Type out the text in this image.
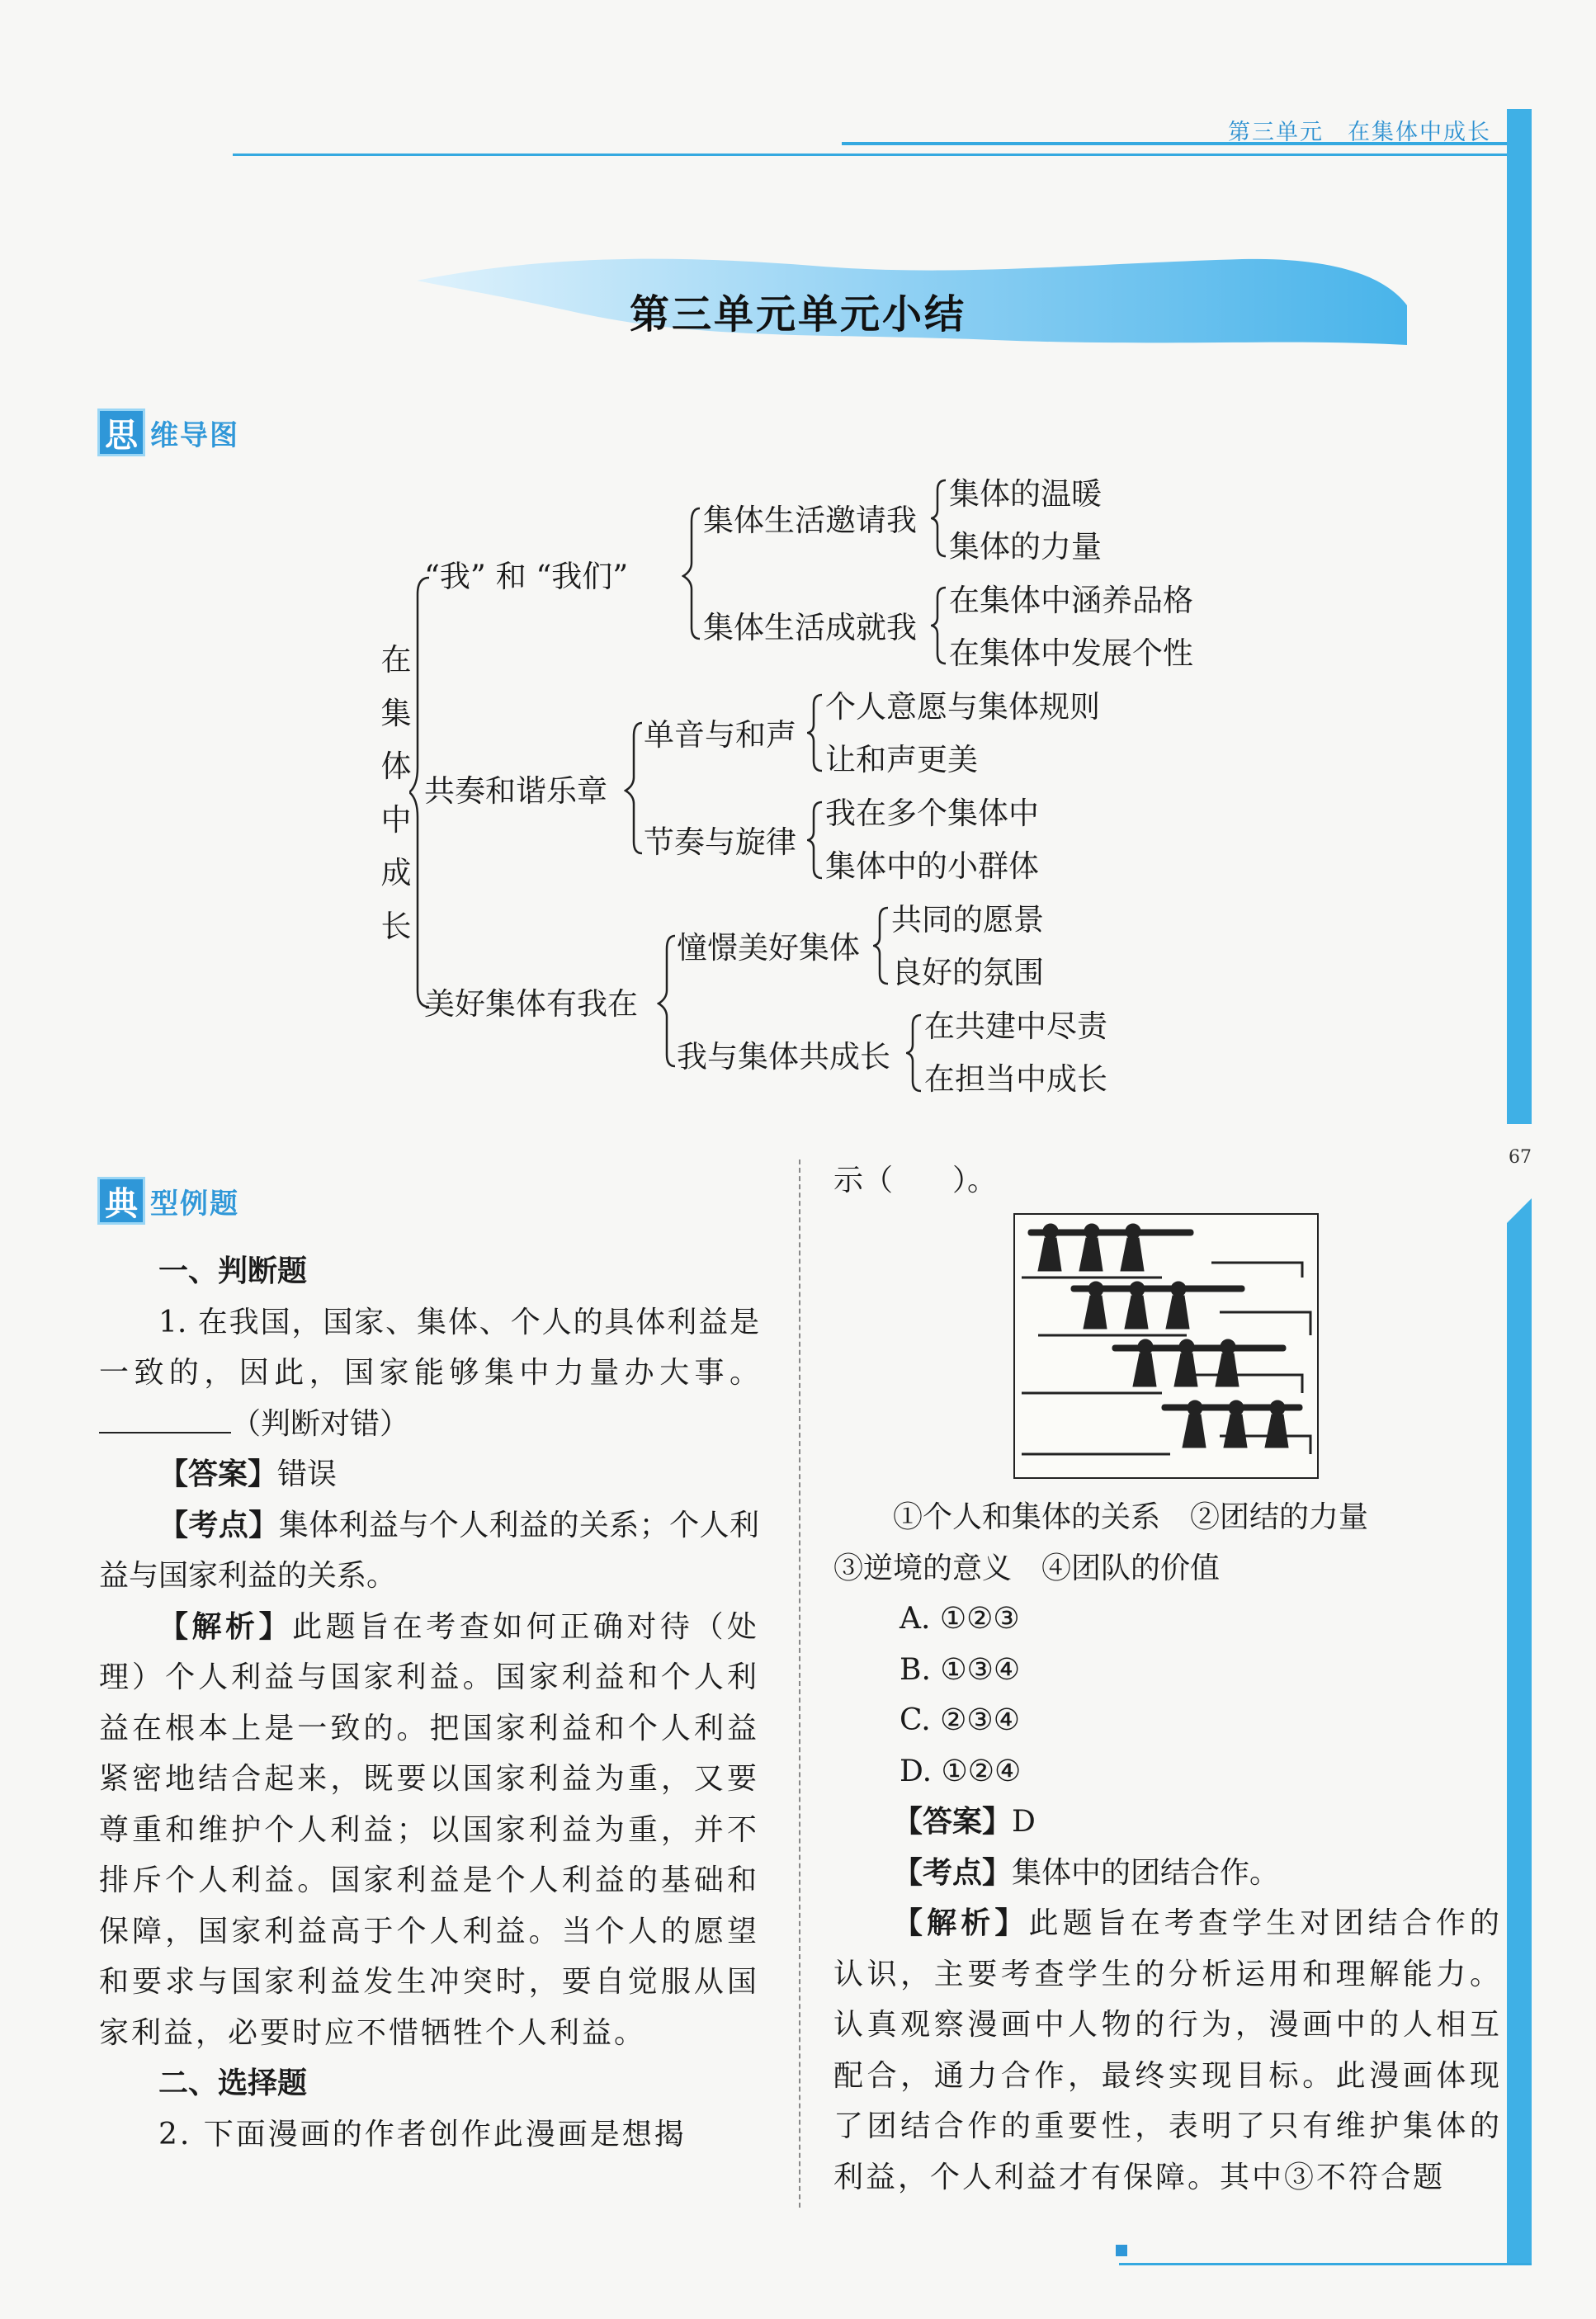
第三单元　在集体中成长
67
第三单元单元小结
思 维导图
在
集
体
中
成
长
“我” 和 “我们”
共奏和谐乐章
美好集体有我在
集体生活邀请我
集体生活成就我
集体的温暖
集体的力量
在集体中涵养品格
在集体中发展个性
单音与和声
节奏与旋律
个人意愿与集体规则
让和声更美
我在多个集体中
集体中的小群体
憧憬美好集体
我与集体共成长
共同的愿景
良好的氛围
在共建中尽责
在担当中成长
典 型例题

一、判断题

1. 在我国，国家、集体、个人的具体利益是一致的，因此，国家能够集中力量办大事。（判断对错）

【答案】错误

【考点】集体利益与个人利益的关系；个人利益与国家利益的关系。

【解析】此题旨在考查如何正确对待（处理）个人利益与国家利益。国家利益和个人利益在根本上是一致的。把国家利益和个人利益紧密地结合起来，既要以国家利益为重，又要尊重和维护个人利益；以国家利益为重，并不排斥个人利益。国家利益是个人利益的基础和保障，国家利益高于个人利益。当个人的愿望和要求与国家利益发生冲突时，要自觉服从国家利益，必要时应不惜牺牲个人利益。

二、选择题

2. 下面漫画的作者创作此漫画是想揭

示（　　）。

①个人和集体的关系　②团结的力量

③逆境的意义　④团队的价值

A. ①②③

B. ①③④

C. ②③④

D. ①②④

【答案】D

【考点】集体中的团结合作。

【解析】此题旨在考查学生对团结合作的认识，主要考查学生的分析运用和理解能力。认真观察漫画中人物的行为，漫画中的人相互配合，通力合作，最终实现目标。此漫画体现了团结合作的重要性，表明了只有维护集体的利益，个人利益才有保障。其中③不符合题
